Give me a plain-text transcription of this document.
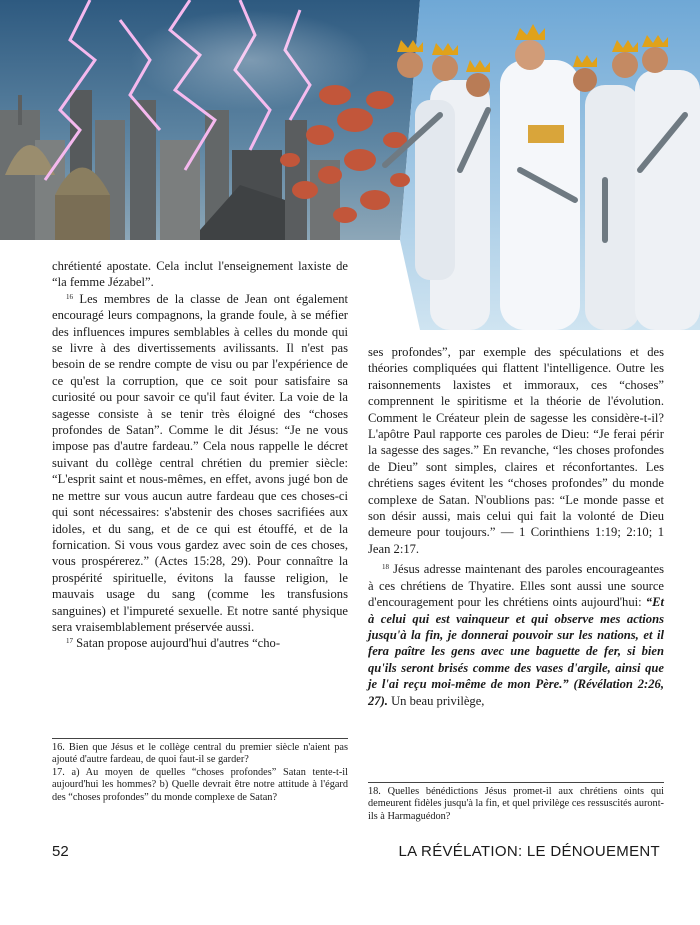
chrétienté apostate. Cela inclut l'enseignement laxiste de “la femme Jézabel”.

$^{16}$ Les membres de la classe de Jean ont également encouragé leurs compagnons, la grande foule, à se méfier des influences impures semblables à celles du monde qui se livre à des divertissements avilissants. Il n'est pas besoin de se rendre compte de visu ou par l'expérience de ce qu'est la corruption, que ce soit pour satisfaire sa curiosité ou pour savoir ce qu'il faut éviter. La voie de la sagesse consiste à se tenir très éloigné des “choses profondes de Satan”. Comme le dit Jésus: “Je ne vous impose pas d'autre fardeau.” Cela nous rappelle le décret suivant du collège central chrétien du premier siècle: “L'esprit saint et nous-mêmes, en effet, avons jugé bon de ne mettre sur vous aucun autre fardeau que ces choses-ci qui sont nécessaires: s'abstenir des choses sacrifiées aux idoles, et du sang, et de ce qui est étouffé, et de la fornication. Si vous vous gardez avec soin de ces choses, vous prospérerez.” (Actes 15:28, 29). Pour connaître la prospérité spirituelle, évitons la fausse religion, le mauvais usage du sang (comme les transfusions sanguines) et l'impureté sexuelle. Et notre santé physique sera vraisemblablement préservée aussi.

$^{17}$ Satan propose aujourd'hui d'autres “cho-

ses profondes”, par exemple des spéculations et des théories compliquées qui flattent l'intelligence. Outre les raisonnements laxistes et immoraux, ces “choses” comprennent le spiritisme et la théorie de l'évolution. Comment le Créateur plein de sagesse les considère-t-il? L'apôtre Paul rapporte ces paroles de Dieu: “Je ferai périr la sagesse des sages.” En revanche, “les choses profondes de Dieu” sont simples, claires et réconfortantes. Les chrétiens sages évitent les “choses profondes” du monde complexe de Satan. N'oublions pas: “Le monde passe et son désir aussi, mais celui qui fait la volonté de Dieu demeure pour toujours.” — 1 Corinthiens 1:19; 2:10; 1 Jean 2:17.

$^{18}$ Jésus adresse maintenant des paroles encourageantes à ces chrétiens de Thyatire. Elles sont aussi une source d'encouragement pour les chrétiens oints aujourd'hui: “Et à celui qui est vainqueur et qui observe mes actions jusqu'à la fin, je donnerai pouvoir sur les nations, et il fera paître les gens avec une baguette de fer, si bien qu'ils seront brisés comme des vases d'argile, ainsi que je l'ai reçu moi-même de mon Père.” (Révélation 2:26, 27). Un beau privilège,

16. Bien que Jésus et le collège central du premier siècle n'aient pas ajouté d'autre fardeau, de quoi faut-il se garder?
17. a) Au moyen de quelles “choses profondes” Satan tente-t-il aujourd'hui les hommes? b) Quelle devrait être notre attitude à l'égard des “choses profondes” du monde complexe de Satan?
18. Quelles bénédictions Jésus promet-il aux chrétiens oints qui demeurent fidèles jusqu'à la fin, et quel privilège ces ressuscités auront-ils à Harmaguédon?
52	LA RÉVÉLATION: LE DÉNOUEMENT
